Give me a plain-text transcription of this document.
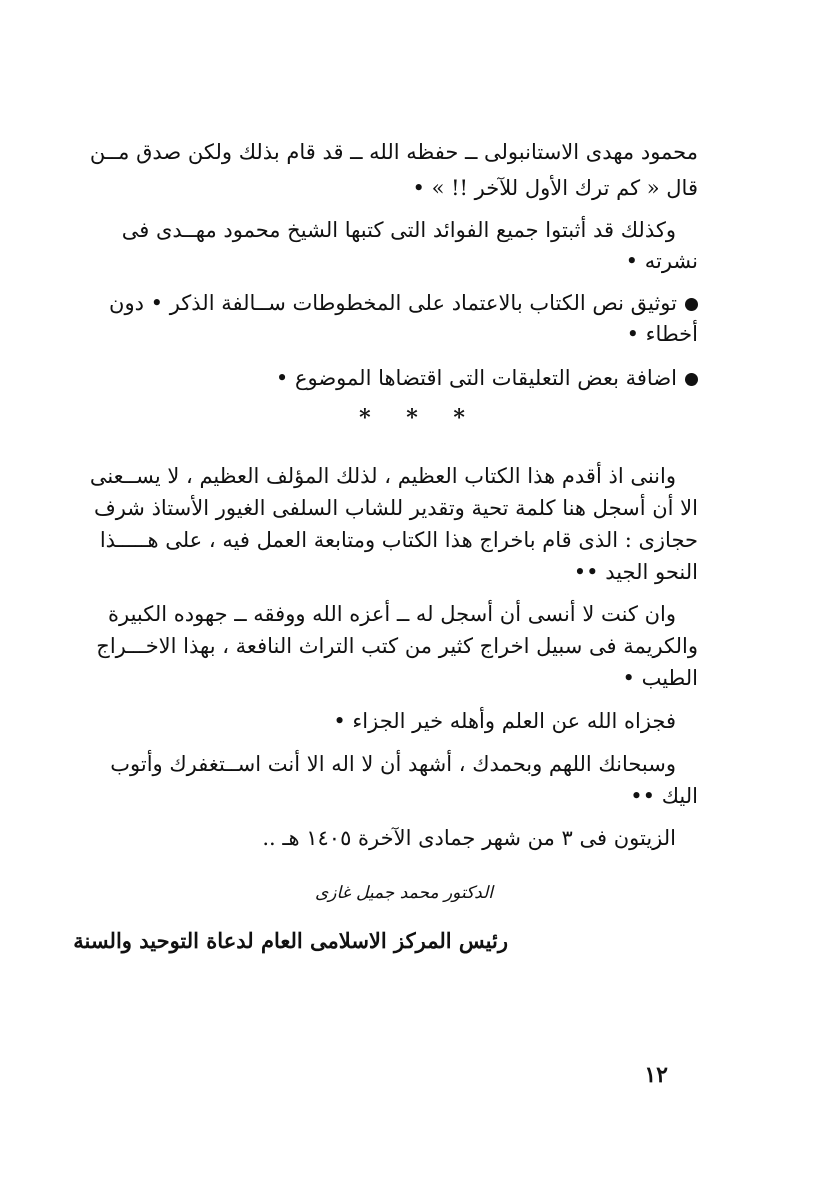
محمود مهدى الاستانبولى ــ حفظه الله ــ قد قام بذلك ولكن صدق مــن
قال « كم ترك الأول للآخر !! » •
وكذلك قد أثبتوا جميع الفوائد التى كتبها الشيخ محمود مهــدى فى
نشرته •
توثيق نص الكتاب بالاعتماد على المخطوطات ســالفة الذكر • دون
أخطاء •
اضافة بعض التعليقات التى اقتضاها الموضوع •
* * *
واننى اذ أقدم هذا الكتاب العظيم ، لذلك المؤلف العظيم ، لا يســعنى
الا أن أسجل هنا كلمة تحية وتقدير للشاب السلفى الغيور الأستاذ شرف
حجازى : الذى قام باخراج هذا الكتاب ومتابعة العمل فيه ، على هـــــذا
النحو الجيد ••
وان كنت لا أنسى أن أسجل له ــ أعزه الله ووفقه ــ جهوده الكبيرة
والكريمة فى سبيل اخراج كثير من كتب التراث النافعة ، بهذا الاخـــراج
الطيب •
فجزاه الله عن العلم وأهله خير الجزاء •
وسبحانك اللهم وبحمدك ، أشهد أن لا اله الا أنت اســتغفرك وأتوب
اليك ••
الزيتون فى ٣ من شهر جمادى الآخرة ١٤٠٥ هـ ..
الدكتور محمد جميل غازى
رئيس المركز الاسلامى العام لدعاة التوحيد والسنة
١٢
